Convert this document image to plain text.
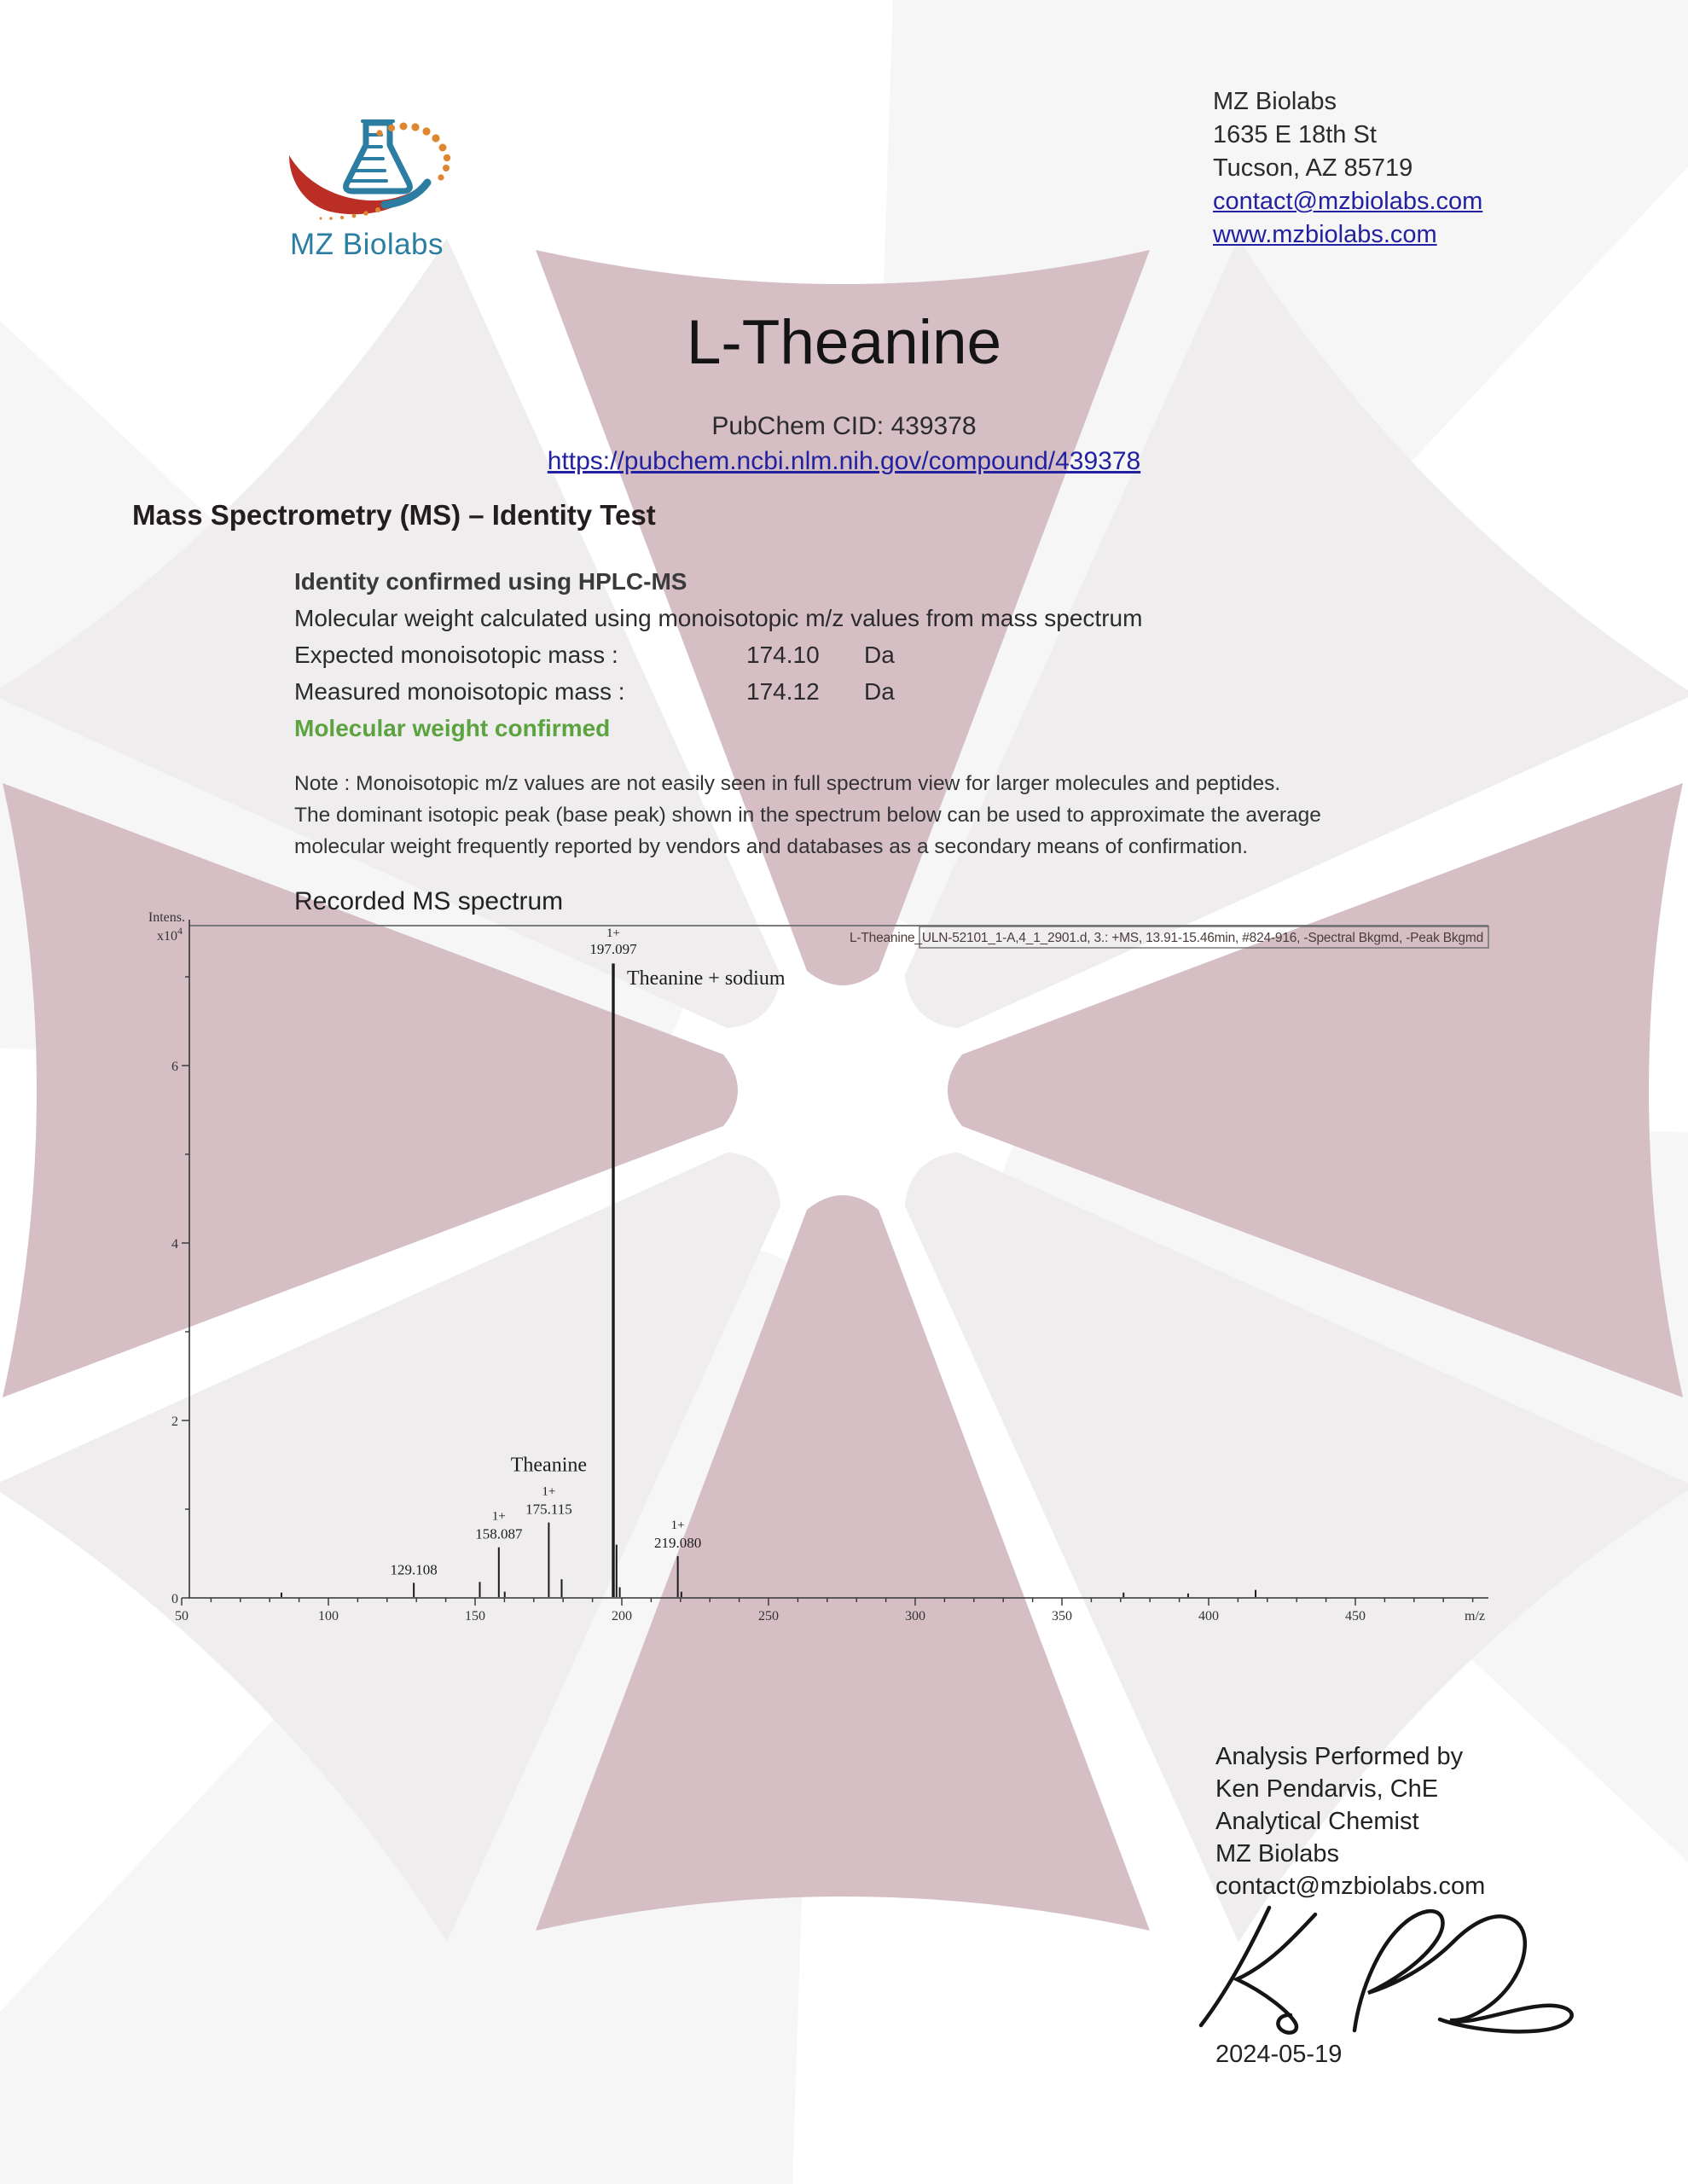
MZ Biolabs
MZ Biolabs
1635 E 18th St
Tucson, AZ 85719
contact@mzbiolabs.com
www.mzbiolabs.com
L-Theanine
PubChem CID: 439378
https://pubchem.ncbi.nlm.nih.gov/compound/439378
Mass Spectrometry (MS) – Identity Test
Identity confirmed using HPLC-MS
Molecular weight calculated using monoisotopic m/z values from mass spectrum
Expected monoisotopic mass :	174.10 Da
Measured monoisotopic mass :	174.12 Da
Molecular weight confirmed
Note : Monoisotopic m/z values are not easily seen in full spectrum view for larger molecules and peptides.
The dominant isotopic peak (base peak) shown in the spectrum below can be used to approximate the average
molecular weight frequently reported by vendors and databases as a secondary means of confirmation.
Recorded MS spectrum
0
2
4
6
50	100	150	200	250	300	350	400	450	m/z
Intens.
$x10^4$	L-Theanine_ULN-52101_1-A,4_1_2901.d, 3.: +MS, 13.91-15.46min, #824-916, -Spectral Bkgmd, -Peak Bkgmd
129.108
158.087
1+ 175.115
1+
Theanine
1+
197.097
Theanine + sodium
219.080
1+
Analysis Performed by
Ken Pendarvis, ChE
Analytical Chemist
MZ Biolabs
contact@mzbiolabs.com
2024-05-19
